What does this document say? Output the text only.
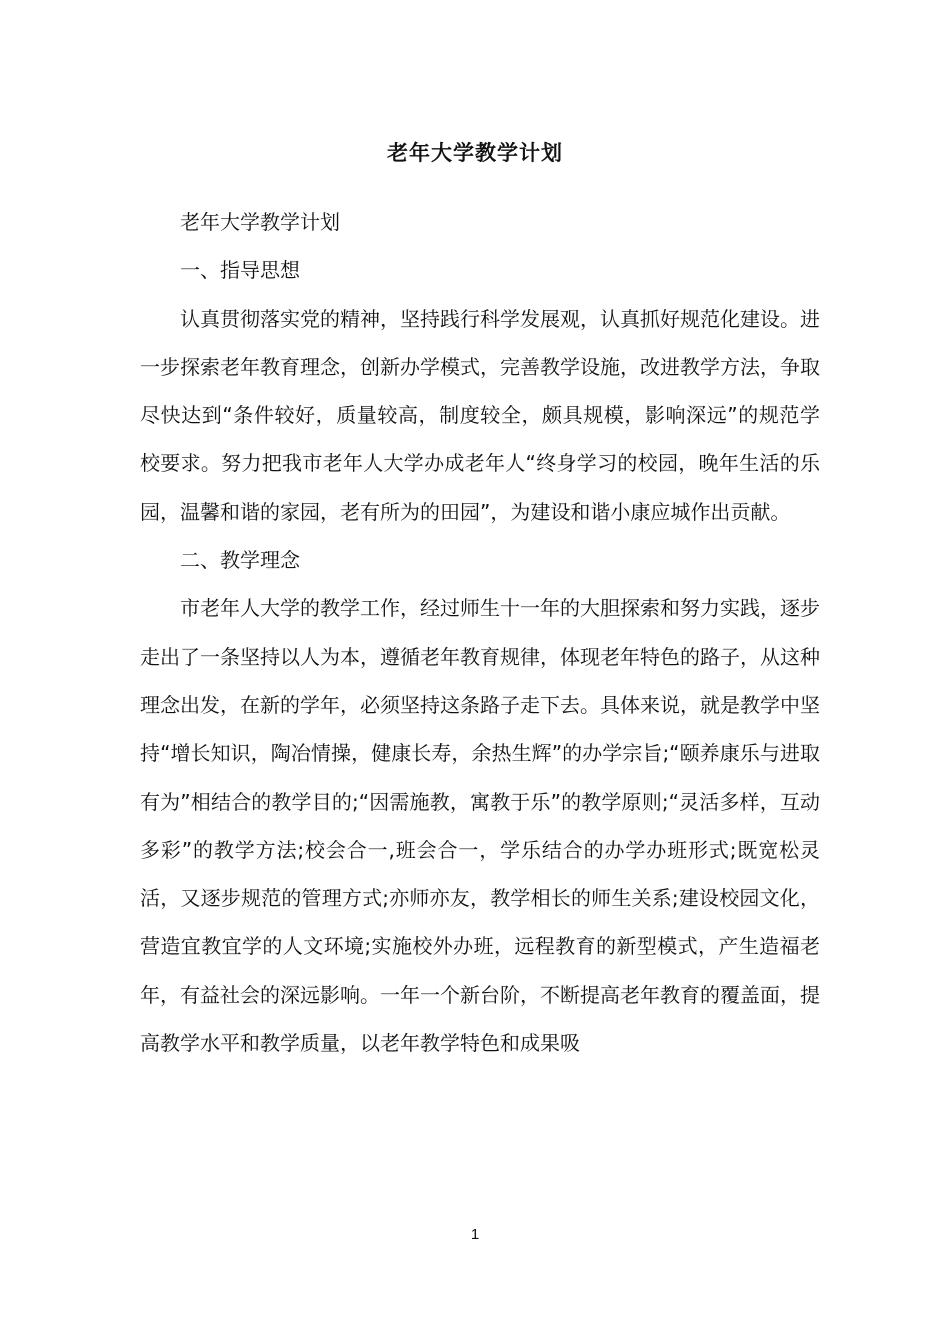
老年大学教学计划

老年大学教学计划

一、指导思想

认真贯彻落实党的精神，坚持践行科学发展观，认真抓好规范化建设。进一步探索老年教育理念，创新办学模式，完善教学设施，改进教学方法，争取尽快达到“条件较好，质量较高，制度较全，颇具规模，影响深远”的规范学校要求。努力把我市老年人大学办成老年人“终身学习的校园，晚年生活的乐园，温馨和谐的家园，老有所为的田园”，为建设和谐小康应城作出贡献。

二、教学理念

市老年人大学的教学工作，经过师生十一年的大胆探索和努力实践，逐步走出了一条坚持以人为本，遵循老年教育规律，体现老年特色的路子，从这种理念出发，在新的学年，必须坚持这条路子走下去。具体来说，就是教学中坚持“增长知识，陶冶情操，健康长寿，余热生辉”的办学宗旨;“颐养康乐与进取有为”相结合的教学目的;“因需施教，寓教于乐”的教学原则;“灵活多样，互动多彩”的教学方法;校会合一,班会合一，学乐结合的办学办班形式;既宽松灵活，又逐步规范的管理方式;亦师亦友，教学相长的师生关系;建设校园文化，营造宜教宜学的人文环境;实施校外办班，远程教育的新型模式，产生造福老年，有益社会的深远影响。一年一个新台阶，不断提高老年教育的覆盖面，提高教学水平和教学质量，以老年教学特色和成果吸

1
